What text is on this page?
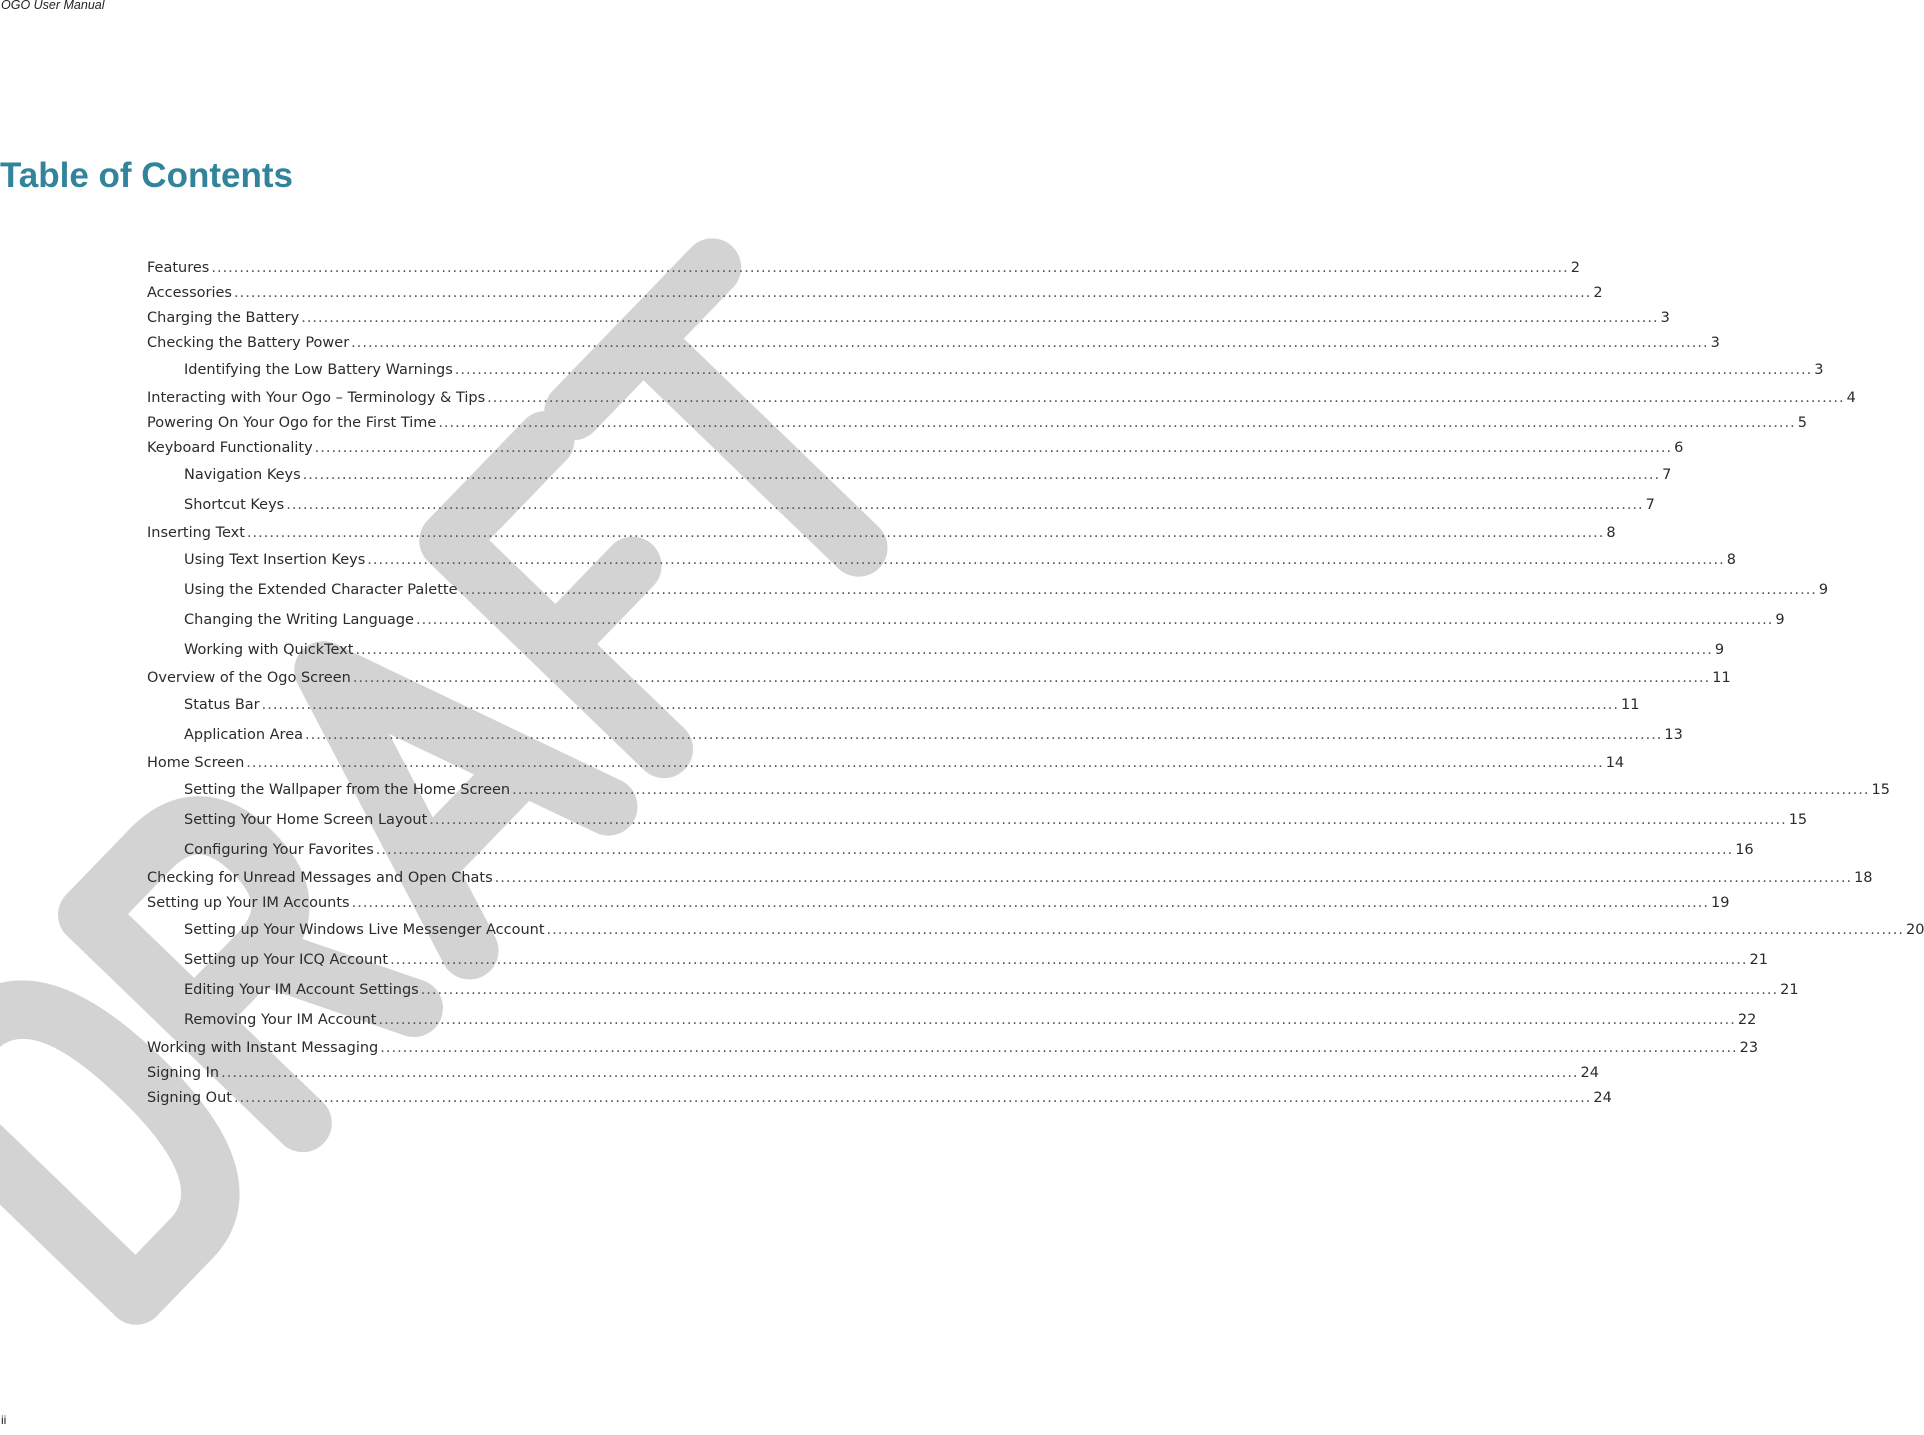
OGO User Manual
Table of Contents
Features .....	2
Accessories .....	2
Charging the Battery .....	3
Checking the Battery Power .....	3
Identifying the Low Battery Warnings .....	3
Interacting with Your Ogo – Terminology & Tips .....	4
Powering On Your Ogo for the First Time .....	5
Keyboard Functionality .....	6
Navigation Keys .....	7
Shortcut Keys .....	7
Inserting Text .....	8
Using Text Insertion Keys .....	8
Using the Extended Character Palette .....	9
Changing the Writing Language .....	9
Working with QuickText .....	9
Overview of the Ogo Screen .....	11
Status Bar .....	11
Application Area .....	13
Home Screen .....	14
Setting the Wallpaper from the Home Screen .....	15
Setting Your Home Screen Layout .....	15
Configuring Your Favorites .....	16
Checking for Unread Messages and Open Chats .....	18
Setting up Your IM Accounts .....	19
Setting up Your Windows Live Messenger Account .....	20
Setting up Your ICQ Account .....	21
Editing Your IM Account Settings .....	21
Removing Your IM Account .....	22
Working with Instant Messaging .....	23
Signing In .....	24
Signing Out .....	24
ii
